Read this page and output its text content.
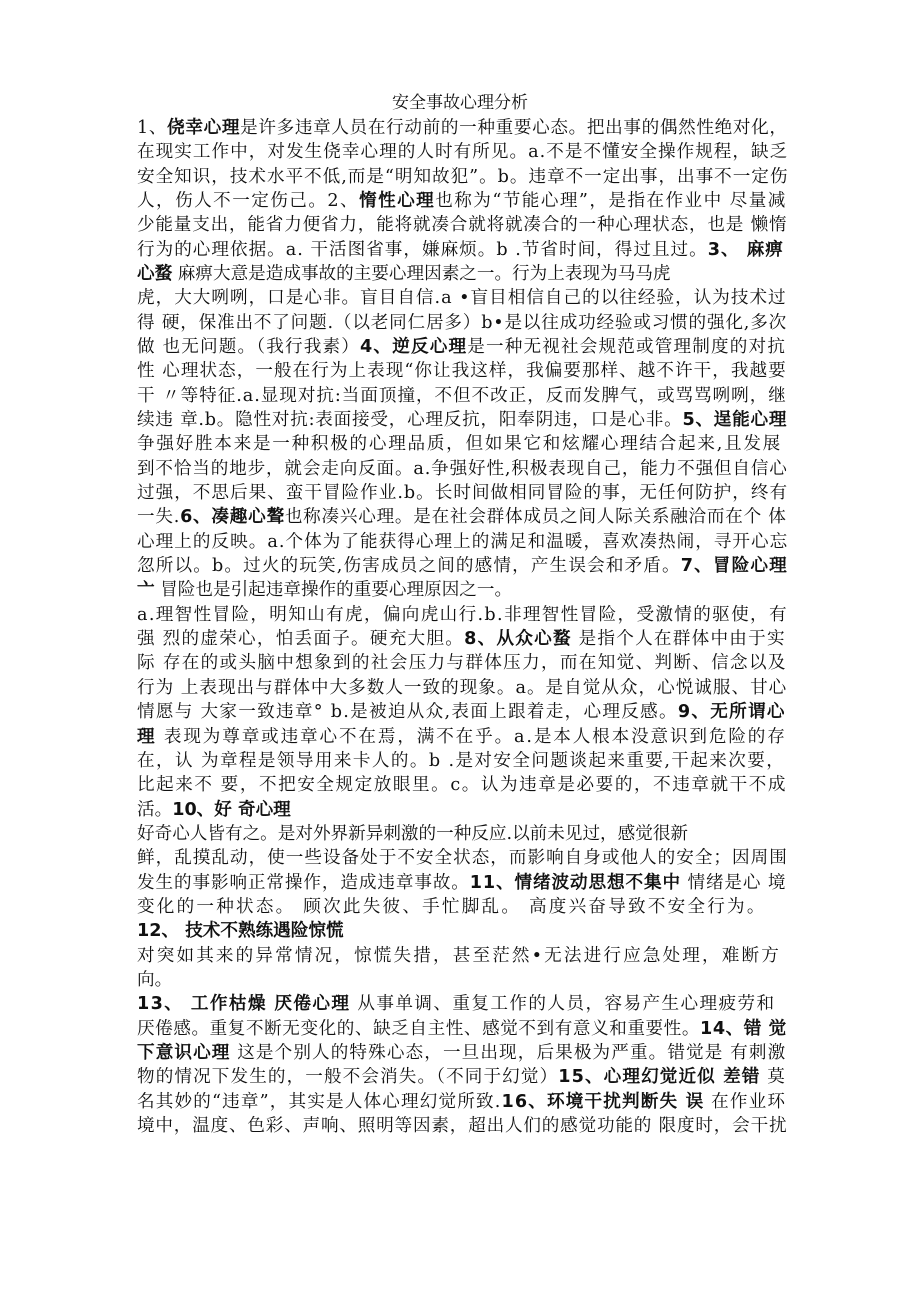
安全事故心理分析
1、侥幸心理是许多违章人员在行动前的一种重要心态。把出事的偶然性绝对化，
在现实工作中，对发生侥幸心理的人时有所见。a.不是不懂安全操作规程，缺乏
安全知识，技术水平不低,而是“明知故犯”。b。违章不一定出事，出事不一定伤
人，伤人不一定伤己。2、惰性心理也称为“节能心理”，是指在作业中 尽量减
少能量支出，能省力便省力，能将就凑合就将就凑合的一种心理状态，也是 懒惰
行为的心理依据。a. 干活图省事，嫌麻烦。b .节省时间，得过且过。3、 麻痹
心蝥 麻痹大意是造成事故的主要心理因素之一。行为上表现为马马虎
虎，大大咧咧，口是心非。盲目自信.a •盲目相信自己的以往经验，认为技术过
得 硬，保准出不了问题.（以老同仁居多）b•是以往成功经验或习惯的强化,多次
做 也无问题。（我行我素）4、逆反心理是一种无视社会规范或管理制度的对抗
性 心理状态，一般在行为上表现“你让我这样，我偏要那样、越不许干，我越要
干 〃等特征.a.显现对抗:当面顶撞，不但不改正，反而发脾气，或骂骂咧咧，继
续违 章.b。隐性对抗:表面接受，心理反抗，阳奉阴违，口是心非。5、逞能心理
争强好胜本来是一种积极的心理品质，但如果它和炫耀心理结合起来,且发展
到不恰当的地步，就会走向反面。a.争强好性,积极表现自己，能力不强但自信心
过强，不思后果、蛮干冒险作业.b。长时间做相同冒险的事，无任何防护，终有
一失.6、凑趣心聱也称凑兴心理。是在社会群体成员之间人际关系融洽而在个 体
心理上的反映。a.个体为了能获得心理上的满足和温暖，喜欢凑热闹，寻开心忘
忽所以。b。过火的玩笑,伤害成员之间的感情，产生误会和矛盾。7、冒险心理
亠 冒险也是引起违章操作的重要心理原因之一。
a.理智性冒险，明知山有虎，偏向虎山行.b.非理智性冒险，受激情的驱使，有
强 烈的虚荣心，怕丢面子。硬充大胆。8、从众心蝥 是指个人在群体中由于实
际 存在的或头脑中想象到的社会压力与群体压力，而在知觉、判断、信念以及
行为 上表现出与群体中大多数人一致的现象。a。是自觉从众，心悦诚服、甘心
情愿与 大家一致违章° b.是被迫从众,表面上跟着走，心理反感。9、无所谓心
理 表现为尊章或违章心不在焉，满不在乎。a.是本人根本没意识到危险的存
在，认 为章程是领导用来卡人的。b .是对安全问题谈起来重要,干起来次要，
比起来不 要，不把安全规定放眼里。c。认为违章是必要的，不违章就干不成
活。10、好 奇心理
好奇心人皆有之。是对外界新异刺激的一种反应.以前未见过，感觉很新
鲜，乱摸乱动，使一些设备处于不安全状态，而影响自身或他人的安全；因周围
发生的事影响正常操作，造成违章事故。11、情绪波动思想不集中 情绪是心 境
变化的一种状态。 顾次此失彼、手忙脚乱。 高度兴奋导致不安全行为。
12、 技术不熟练遇险惊慌
对突如其来的异常情况，惊慌失措，甚至茫然•无法进行应急处理，难断方
向。
13、 工作枯燥 厌倦心理 从事单调、重复工作的人员，容易产生心理疲劳和
厌倦感。重复不断无变化的、缺乏自主性、感觉不到有意义和重要性。14、错 觉
下意识心理 这是个别人的特殊心态，一旦出现，后果极为严重。错觉是 有刺激
物的情况下发生的，一般不会消失。（不同于幻觉）15、心理幻觉近似 差错 莫
名其妙的“违章”，其实是人体心理幻觉所致.16、环境干扰判断失 误 在作业环
境中，温度、色彩、声响、照明等因素，超出人们的感觉功能的 限度时，会干扰
